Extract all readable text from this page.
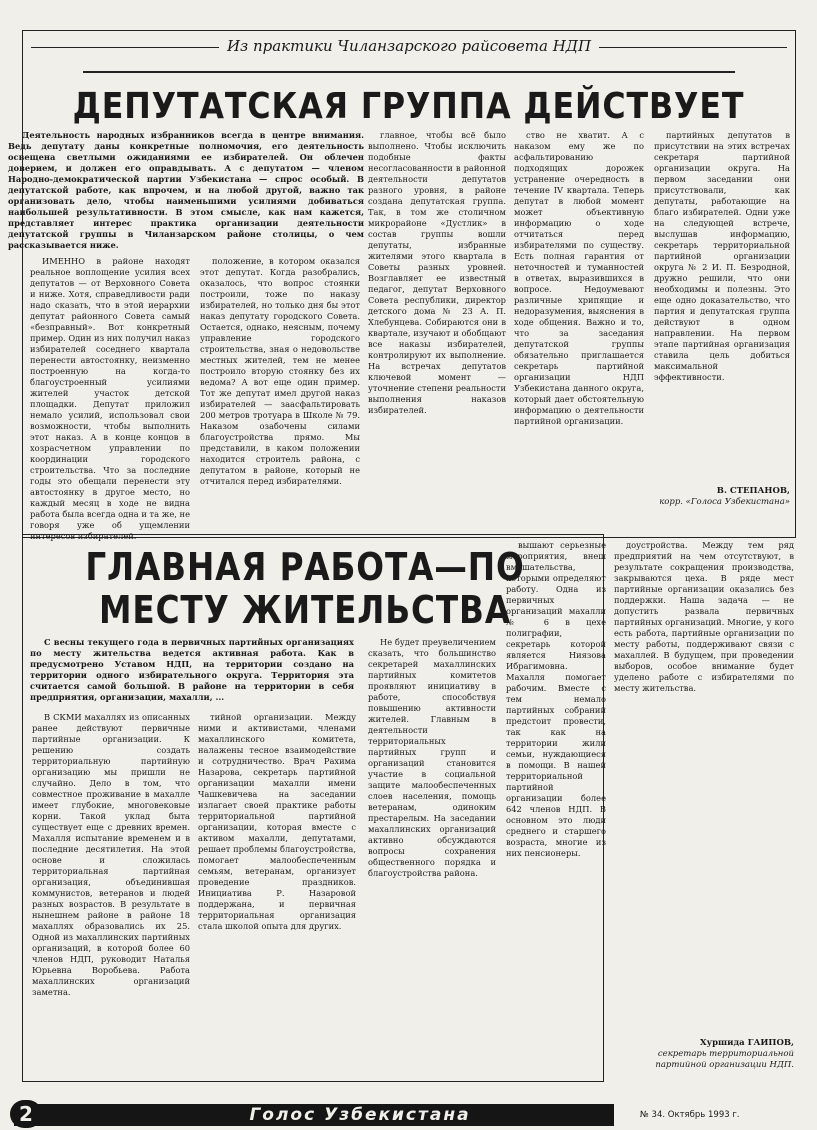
Из практики Чиланзарского райсовета НДП
ДЕПУТАТСКАЯ ГРУППА ДЕЙСТВУЕТ

Деятельность народных избранников всегда в центре внимания. Ведь депутату даны конкретные полномочия, его деятельность освещена светлыми ожиданиями ее избирателей. Он облечен доверием, и должен его оправдывать. А с депутатом — членом Народно-демократической партии Узбекистана — спрос особый. В депутатской работе, как впрочем, и на любой другой, важно так организовать дело, чтобы наименьшими усилиями добиваться наибольшей результативности. В этом смысле, как нам кажется, представляет интерес практика организации деятельности депутатской группы в Чиланзарском районе столицы, о чем рассказывается ниже.

ИМЕННО в районе находят реальное воплощение усилия всех депутатов — от Верховного Совета и ниже. Хотя, справедливости ради надо сказать, что в этой иерархии депутат районного Совета самый «безправный». Вот конкретный пример. Один из них получил наказ избирателей соседнего квартала перенести автостоянку, неизменно построенную на когда-то благоустроенный усилиями жителей участок детской площадки. Депутат приложил немало усилий, использовал свои возможности, чтобы выполнить этот наказ. А в конце концов в хозрасчетном управлении по координации городского строительства. Что за последние годы это обещали перенести эту автостоянку в другое место, но каждый месяц в ходе не видна работа была всегда одна и та же, не говоря уже об ущемлении интересов избирателей.

положение, в котором оказался этот депутат. Когда разобрались, оказалось, что вопрос стоянки построили, тоже по наказу избирателей, но только дня бы этот наказ депутату городского Совета. Остается, однако, неясным, почему управление городского строительства, зная о недовольстве местных жителей, тем не менее построило вторую стоянку без их ведома? А вот еще один пример. Тот же депутат имел другой наказ избирателей — заасфальтировать 200 метров тротуара в Школе № 79. Наказом озабочены силами благоустройства прямо. Мы представили, в каком положении находится строитель района, с депутатом в районе, который не отчитался перед избирателями.

главное, чтобы всё было выполнено. Чтобы исключить подобные факты несогласованности в районной деятельности депутатов разного уровня, в районе создана депутатская группа. Так, в том же столичном микрорайоне «Дустлик» в состав группы вошли депутаты, избранные жителями этого квартала в Советы разных уровней. Возглавляет ее известный педагог, депутат Верховного Совета республики, директор детского дома № 23 А. П. Хлебунцева. Собираются они в квартале, изучают и обобщают все наказы избирателей, контролируют их выполнение. На встречах депутатов ключевой момент — уточнение степени реальности выполнения наказов избирателей.

ство не хватит. А с наказом ему же по асфальтированию подходящих дорожек устранение очередность в течение IV квартала. Теперь депутат в любой момент может объективную информацию о ходе отчитаться перед избирателями по существу. Есть полная гарантия от неточностей и туманностей в ответах, выразившихся в вопросе. Недоумевают различные хрипящие и недоразумения, выяснения в ходе общения. Важно и то, что за заседания депутатской группы обязательно приглашается секретарь партийной организации НДП Узбекистана данного округа, который дает обстоятельную информацию о деятельности партийной организации.

партийных депутатов в присутствии на этих встречах секретаря партийной организации округа. На первом заседании они присутствовали, как депутаты, работающие на благо избирателей. Одни уже на следующей встрече, выслушав информацию, секретарь территориальной партийной организации округа № 2 И. П. Безродной, дружно решили, что они необходимы и полезны. Это еще одно доказательство, что партия и депутатская группа действуют в одном направлении. На первом этапе партийная организация ставила цель добиться максимальной эффективности.

В. СТЕПАНОВ,
корр. «Голоса Узбекистана»
ГЛАВНАЯ РАБОТА—ПО
МЕСТУ ЖИТЕЛЬСТВА

С весны текущего года в первичных партийных организациях по месту жительства ведется активная работа. Как в предусмотрено Уставом НДП, на территории создано на территории одного избирательного округа. Территория эта считается самой большой. В районе на территории в себя предприятия, организации, махалли, ...

В СКМИ махаллях из описанных ранее действуют первичные партийные организации. К решению создать территориальную партийную организацию мы пришли не случайно. Дело в том, что совместное проживание в махалле имеет глубокие, многовековые корни. Такой уклад быта существует еще с древних времен. Махалля испытание временем и в последние десятилетия. На этой основе и сложилась территориальная партийная организация, объединившая коммунистов, ветеранов и людей разных возрастов. В результате в нынешнем районе в районе 18 махаллях образовались их 25. Одной из махаллинских партийных организаций, в которой более 60 членов НДП, руководит Наталья Юрьевна Воробьева. Работа махаллинских организаций заметна.

тийной организации. Между ними и активистами, членами махаллинского комитета, налажены тесное взаимодействие и сотрудничество. Врач Рахима Назарова, секретарь партийной организации махалли имени Чашкевичева на заседании излагает своей практике работы территориальной партийной организации, которая вместе с активом махалли, депутатами, решает проблемы благоустройства, помогает малообеспеченным семьям, ветеранам, организует проведение праздников. Инициатива Р. Назаровой поддержана, и первичная территориальная организация стала школой опыта для других.

Не будет преувеличением сказать, что большинство секретарей махаллинских партийных комитетов проявляют инициативу в работе, способствуя повышению активности жителей. Главным в деятельности территориальных партийных групп и организаций становится участие в социальной защите малообеспеченных слоев населения, помощь ветеранам, одиноким престарелым. На заседании махаллинских организаций активно обсуждаются вопросы сохранения общественного порядка и благоустройства района.

вышают серьезные мероприятия, внеш вмешательства, которыми определяют работу. Одна из первичных организаций махалли № 6 в цехе полиграфии, секретарь которой является Ниязова Ибрагимовна. Махалля помогает рабочим. Вместе с тем немало партийных собраний предстоит провести, так как на территории жили семьи, нуждающиеся в помощи. В нашей территориальной партийной организации более 642 членов НДП. В основном это люди среднего и старшего возраста, многие из них пенсионеры.

доустройства. Между тем ряд предприятий на чем отсутствуют, в результате сокращения производства, закрываются цеха. В ряде мест партийные организации оказались без поддержки. Наша задача — не допустить развала первичных партийных организаций. Многие, у кого есть работа, партийные организации по месту работы, поддерживают связи с махаллей. В будущем, при проведении выборов, особое внимание будет уделено работе с избирателями по месту жительства.

Хуршида ГАИПОВ,
секретарь территориальной партийной организации НДП.
2	Голос Узбекистана	№ 34. Октябрь 1993 г.
